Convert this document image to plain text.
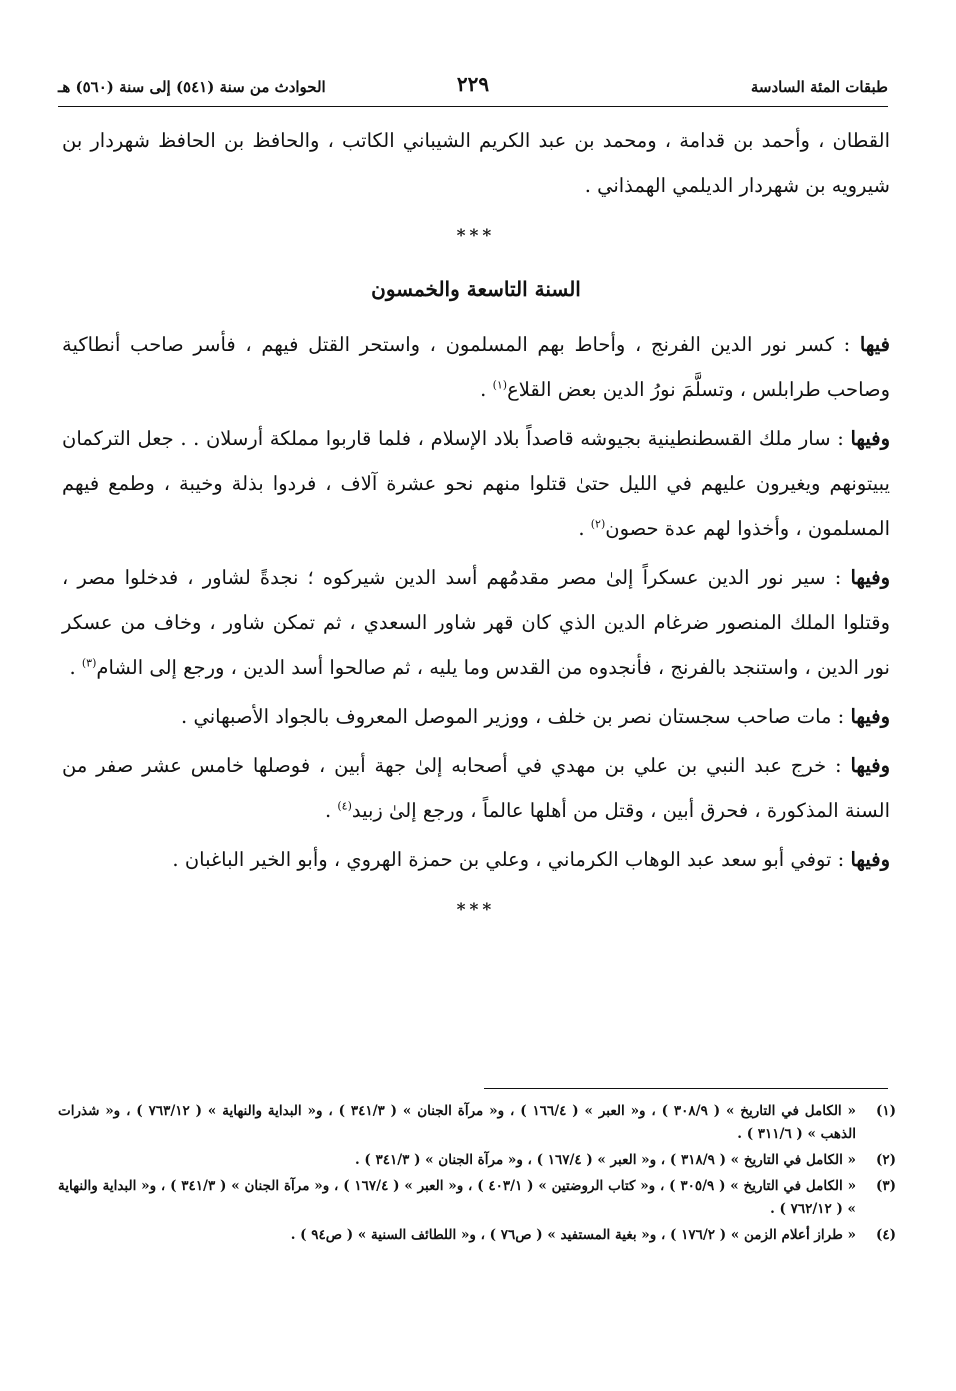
طبقات المئة السادسة
٢٢٩
الحوادث من سنة (٥٤١) إلى سنة (٥٦٠) هـ

القطان ، وأحمد بن قدامة ، ومحمد بن عبد الكريم الشيباني الكاتب ، والحافظ بن الحافظ شهردار بن شيرويه بن شهردار الديلمي الهمذاني .

***
السنة التاسعة والخمسون

فيها : كسر نور الدين الفرنج ، وأحاط بهم المسلمون ، واستحر القتل فيهم ، فأسر صاحب أنطاكية وصاحب طرابلس ، وتسلَّمَ نورُ الدين بعض القلاع$^{(١)}$ .

وفيها : سار ملك القسطنطينية بجيوشه قاصداً بلاد الإسلام ، فلما قاربوا مملكة أرسلان . . جعل التركمان يبيتونهم ويغيرون عليهم في الليل حتىٰ قتلوا منهم نحو عشرة آلاف ، فردوا بذلة وخيبة ، وطمع فيهم المسلمون ، وأخذوا لهم عدة حصون$^{(٢)}$ .

وفيها : سير نور الدين عسكراً إلىٰ مصر مقدمُهم أسد الدين شيركوه ؛ نجدةً لشاور ، فدخلوا مصر ، وقتلوا الملك المنصور ضرغام الدين الذي كان قهر شاور السعدي ، ثم تمكن شاور ، وخاف من عسكر نور الدين ، واستنجد بالفرنج ، فأنجدوه من القدس وما يليه ، ثم صالحوا أسد الدين ، ورجع إلى الشام$^{(٣)}$ .

وفيها : مات صاحب سجستان نصر بن خلف ، ووزير الموصل المعروف بالجواد الأصبهاني .

وفيها : خرج عبد النبي بن علي بن مهدي في أصحابه إلىٰ جهة أبين ، فوصلها خامس عشر صفر من السنة المذكورة ، فحرق أبين ، وقتل من أهلها عالماً ، ورجع إلىٰ زبيد$^{(٤)}$ .

وفيها : توفي أبو سعد عبد الوهاب الكرماني ، وعلي بن حمزة الهروي ، وأبو الخير الباغبان .

***
(١)
« الكامل في التاريخ » ( ٣٠٨/٩ ) ، و« العبر » ( ١٦٦/٤ ) ، و« مرآة الجنان » ( ٣٤١/٣ ) ، و« البداية والنهاية » ( ٧٦٣/١٢ ) ، و« شذرات الذهب » ( ٣١١/٦ ) .
(٢)
« الكامل في التاريخ » ( ٣١٨/٩ ) ، و« العبر » ( ١٦٧/٤ ) ، و« مرآة الجنان » ( ٣٤١/٣ ) .
(٣)
« الكامل في التاريخ » ( ٣٠٥/٩ ) ، و« كتاب الروضتين » ( ٤٠٣/١ ) ، و« العبر » ( ١٦٧/٤ ) ، و« مرآة الجنان » ( ٣٤١/٣ ) ، و« البداية والنهاية » ( ٧٦٢/١٢ ) .
(٤)
« طراز أعلام الزمن » ( ١٧٦/٢ ) ، و« بغية المستفيد » ( ص٧٦ ) ، و« اللطائف السنية » ( ص٩٤ ) .
